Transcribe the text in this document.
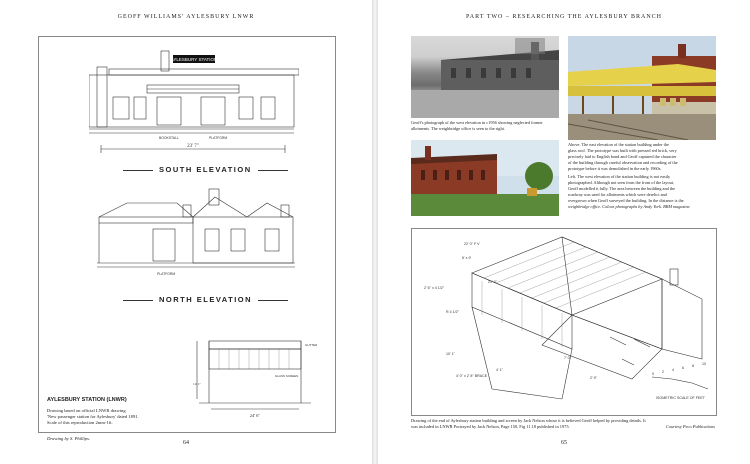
GEOFF WILLIAMS' AYLESBURY LNWR
AYLESBURY STATION
23' 7"
BOOKSTALL	PLATFORM
SOUTH ELEVATION
PLATFORM
NORTH ELEVATION
GUTTER
GLASS SCREEN
24' 6"
14' 1"
AYLESBURY STATION (LNWR)
Drawing based on official LNWR drawing
'New passenger station for Aylesbury' dated 1891.
Scale of this reproduction 2mm-1ft.
Drawing by S. Phillips.
64
PART TWO – RESEARCHING THE AYLESBURY BRANCH
Geoff's photograph of the west elevation in c1956 showing neglected former allotments. The weighbridge office is seen to the right.
Above. The east elevation of the station building under the
glass roof. The prototype was built with pressed red brick, very
precisely laid to English bond and Geoff captured the character
of the building through careful observation and recording of the
prototype before it was demolished in the early 1960s.
Left. The west elevation of the station building is not easily
photographed. Although not seen from the front of the layout,
Geoff modelled it fully. The area between the building and the
roadway was used for allotments which were derelict and
overgrown when Geoff surveyed the building. In the distance is the
weighbridge office. Colour photographs by Andy York. BRM magazine.
22' 0" F V
6' x 9'
21' 4"
2' 6" x 4 1/2"
R 4 1/2"
10' 1"
4' 1"
7' 0"
2' 9"
4' 0" x 2' 8" BRACE	0 2 4 6 8 10
ISOMETRIC SCALE OF FEET
Drawing of the end of Aylesbury station building and screen by Jack Nelson whose it is believed Geoff helped by providing details. It
was included in LNWR Portrayed by Jack Nelson, Page 150, Fig 11.18 published in 1975.	Courtesy Peco Publications
65
